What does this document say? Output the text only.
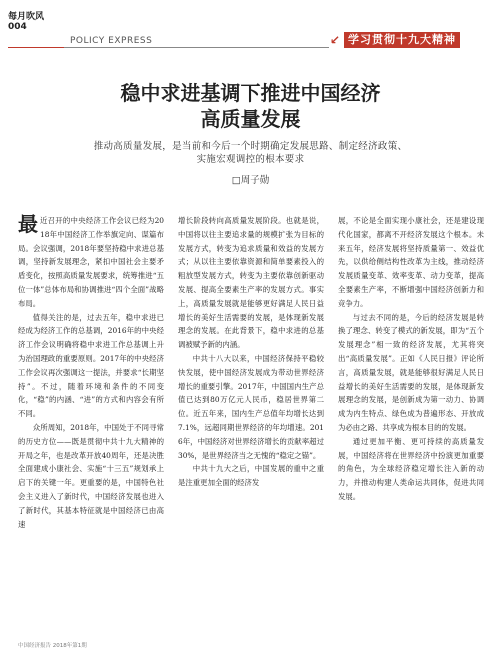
每月吹风
004
POLICY EXPRESS	↙ 学习贯彻十九大精神
稳中求进基调下推进中国经济
高质量发展
推动高质量发展，是当前和今后一个时期确定发展思路、制定经济政策、
实施宏观调控的根本要求
□周子勋

最近召开的中央经济工作会议已经为2018年中国经济工作举旗定向、谋篇布局。会议强调，2018年要坚持稳中求进总基调，坚持新发展理念，紧扣中国社会主要矛盾变化，按照高质量发展要求，统筹推进“五位一体”总体布局和协调推进“四个全面”战略布局。

值得关注的是，过去五年，稳中求进已经成为经济工作的总基调，2016年的中央经济工作会议明确将稳中求进工作总基调上升为治国理政的重要原则。2017年的中央经济工作会议再次强调这一提法，并要求“长期坚持”。不过，随着环境和条件的不同变化，“稳”的内涵、“进”的方式和内容会有所不同。

众所周知，2018年，中国处于不同寻常的历史方位——既是贯彻中共十九大精神的开局之年，也是改革开放40周年，还是决胜全面建成小康社会、实施“十三五”规划承上启下的关键一年。更重要的是，中国特色社会主义进入了新时代，中国经济发展也进入了新时代，其基本特征就是中国经济已由高速

增长阶段转向高质量发展阶段。也就是说，中国将以往主要追求量的规模扩张为目标的发展方式，转变为追求质量和效益的发展方式；从以往主要依靠资源和简单要素投入的粗放型发展方式，转变为主要依靠创新驱动发展、提高全要素生产率的发展方式。事实上，高质量发展就是能够更好满足人民日益增长的美好生活需要的发展，是体现新发展理念的发展。在此背景下，稳中求进的总基调被赋予新的内涵。

中共十八大以来，中国经济保持平稳较快发展，使中国经济发展成为带动世界经济增长的重要引擎。2017年，中国国内生产总值已达到80万亿元人民币，稳居世界第二位。近五年来，国内生产总值年均增长达到7.1%，远超同期世界经济的年均增速。2016年，中国经济对世界经济增长的贡献率超过30%，是世界经济当之无愧的“稳定之锚”。

中共十九大之后，中国发展的重中之重是注重更加全面的经济发

展，不论是全面实现小康社会，还是建设现代化国家，都离不开经济发展这个根本。未来五年，经济发展将坚持质量第一、效益优先，以供给侧结构性改革为主线，推动经济发展质量变革、效率变革、动力变革，提高全要素生产率，不断增强中国经济创新力和竞争力。

与过去不同的是，今后的经济发展是转换了理念、转变了模式的新发展，即为“五个发展理念”相一致的经济发展，尤其将突出“高质量发展”。正如《人民日报》评论所言，高质量发展，就是能够很好满足人民日益增长的美好生活需要的发展，是体现新发展理念的发展，是创新成为第一动力、协调成为内生特点、绿色成为普遍形态、开放成为必由之路、共享成为根本目的的发展。

通过更加平衡、更可持续的高质量发展，中国经济将在世界经济中扮演更加重要的角色，为全球经济稳定增长注入新的动力，并推动构建人类命运共同体，促进共同发展。

中国经济报告 2018年第1期
